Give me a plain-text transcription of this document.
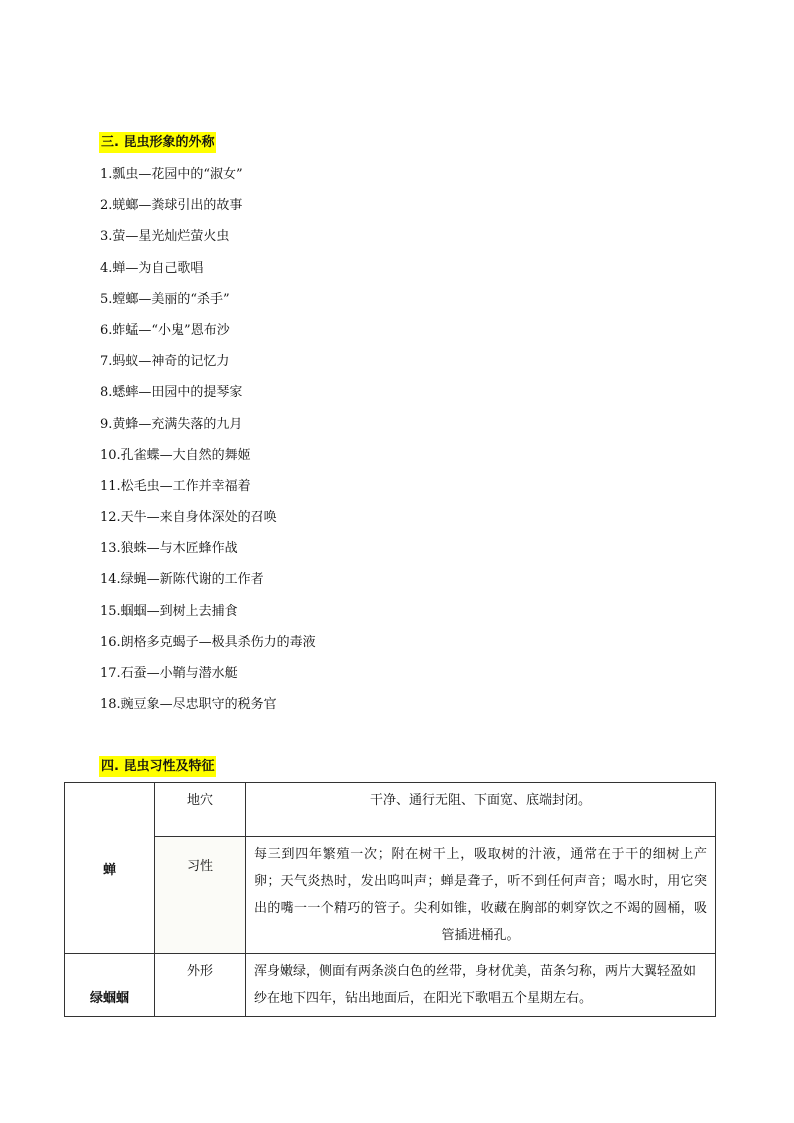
三. 昆虫形象的外称
1.瓢虫—花园中的“淑女”
2.蜣螂—粪球引出的故事
3.萤—星光灿烂萤火虫
4.蝉—为自己歌唱
5.螳螂—美丽的“杀手”
6.蚱蜢—“小鬼”恩布沙
7.蚂蚁—神奇的记忆力
8.蟋蟀—田园中的提琴家
9.黄蜂—充满失落的九月
10.孔雀蝶—大自然的舞姬
11.松毛虫—工作并幸福着
12.天牛—来自身体深处的召唤
13.狼蛛—与木匠蜂作战
14.绿蝇—新陈代谢的工作者
15.蝈蝈—到树上去捕食
16.朗格多克蝎子—极具杀伤力的毒液
17.石蚕—小鞘与潜水艇
18.豌豆象—尽忠职守的税务官
四. 昆虫习性及特征
蝉	地穴	干净、通行无阻、下面宽、底端封闭。
	习性	每三到四年繁殖一次；附在树干上，吸取树的汁液，通常在于干的细树上产卵；天气炎热时，发出呜叫声；蝉是聋子，听不到任何声音；喝水时，用它突出的嘴一一个精巧的管子。尖利如锥，收藏在胸部的刺穿饮之不竭的圆桶，吸管插进桶孔。
绿蝈蝈	外形	浑身嫩绿，侧面有两条淡白色的丝带，身材优美，苗条匀称，两片大翼轻盈如纱在地下四年，钻出地面后，在阳光下歌唱五个星期左右。
